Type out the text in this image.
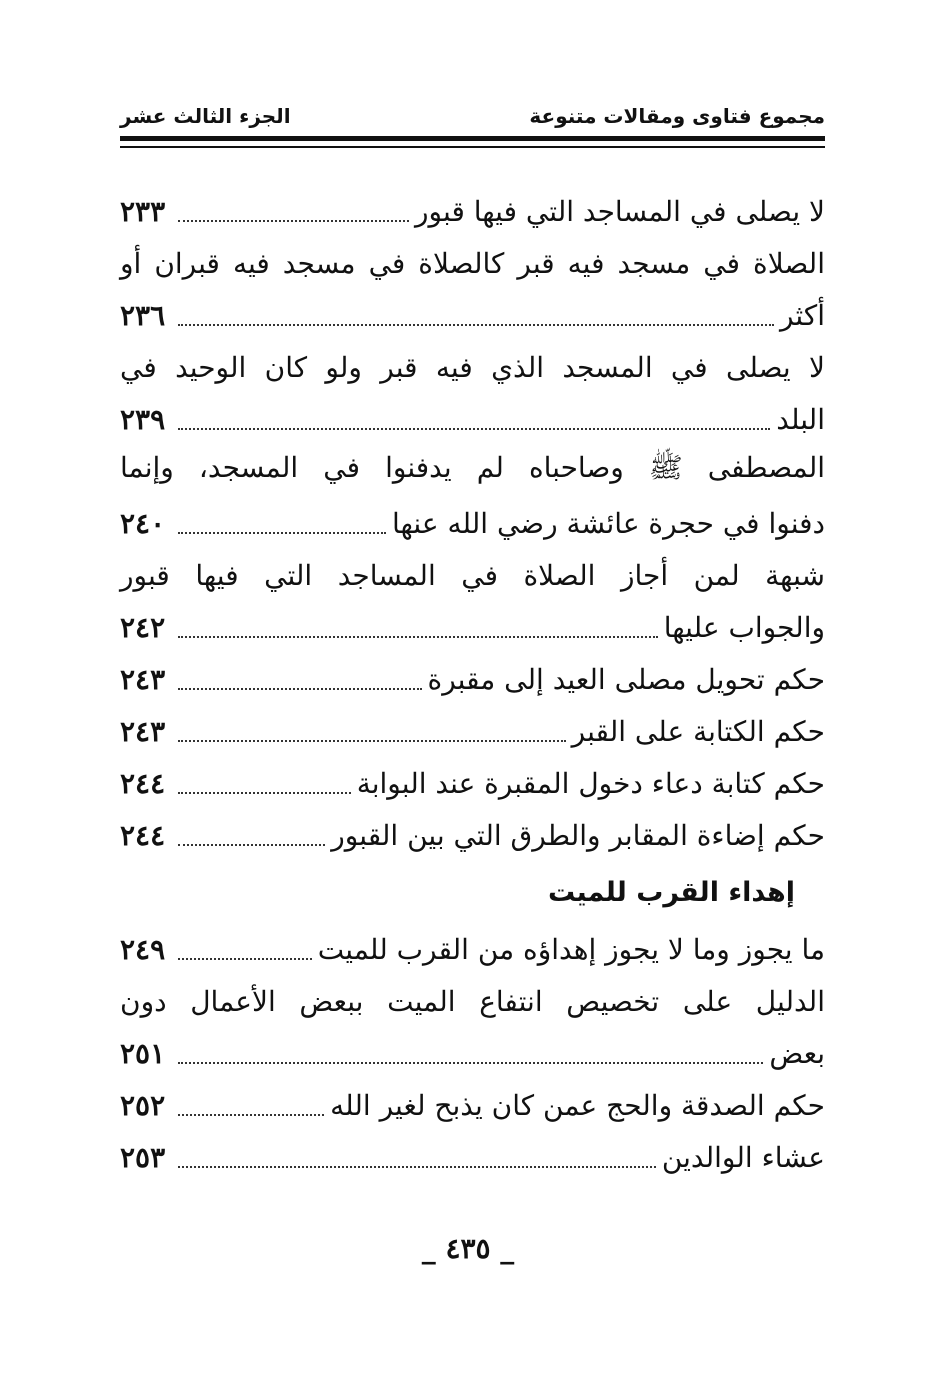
مجموع فتاوى ومقالات متنوعة
الجزء الثالث عشر
لا يصلى في المساجد التي فيها قبور
٢٣٣
الصلاة في مسجد فيه قبر كالصلاة في مسجد فيه قبران أو
أكثر
٢٣٦
لا يصلى في المسجد الذي فيه قبر ولو كان الوحيد في
البلد
٢٣٩
المصطفى ﷺ وصاحباه لم يدفنوا في المسجد، وإنما
دفنوا في حجرة عائشة رضي الله عنها
٢٤٠
شبهة لمن أجاز الصلاة في المساجد التي فيها قبور
والجواب عليها
٢٤٢
حكم تحويل مصلى العيد إلى مقبرة
٢٤٣
حكم الكتابة على القبر
٢٤٣
حكم كتابة دعاء دخول المقبرة عند البوابة
٢٤٤
حكم إضاءة المقابر والطرق التي بين القبور
٢٤٤
إهداء القرب للميت
ما يجوز وما لا يجوز إهداؤه من القرب للميت
٢٤٩
الدليل على تخصيص انتفاع الميت ببعض الأعمال دون
بعض
٢٥١
حكم الصدقة والحج عمن كان يذبح لغير الله
٢٥٢
عشاء الوالدين
٢٥٣
_ ٤٣٥ _
